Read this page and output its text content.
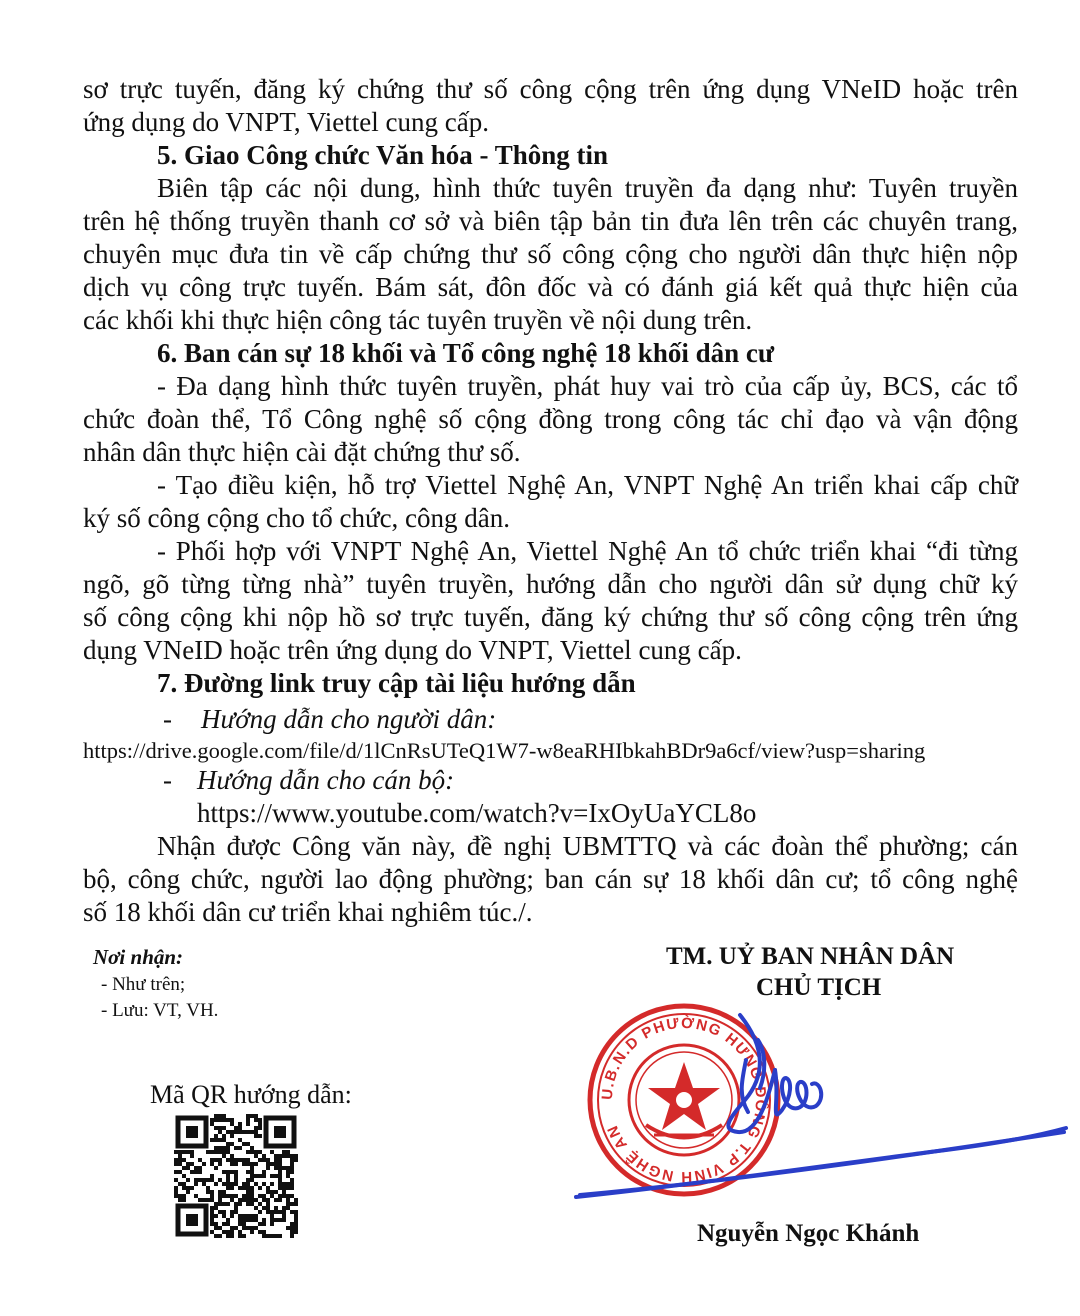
sơ trực tuyến, đăng ký chứng thư số công cộng trên ứng dụng VNeID hoặc trên

ứng dụng do VNPT, Viettel cung cấp.

5. Giao Công chức Văn hóa - Thông tin

Biên tập các nội dung, hình thức tuyên truyền đa dạng như: Tuyên truyền

trên hệ thống truyền thanh cơ sở và biên tập bản tin đưa lên trên các chuyên trang,

chuyên mục đưa tin về cấp chứng thư số công cộng cho người dân thực hiện nộp

dịch vụ công trực tuyến. Bám sát, đôn đốc và có đánh giá kết quả thực hiện của

các khối khi thực hiện công tác tuyên truyền về nội dung trên.

6. Ban cán sự 18 khối và Tổ công nghệ 18 khối dân cư

- Đa dạng hình thức tuyên truyền, phát huy vai trò của cấp ủy, BCS, các tổ

chức đoàn thể, Tổ Công nghệ số cộng đồng trong công tác chỉ đạo và vận động

nhân dân thực hiện cài đặt chứng thư số.

- Tạo điều kiện, hỗ trợ Viettel Nghệ An, VNPT Nghệ An triển khai cấp chữ

ký số công cộng cho tổ chức, công dân.

- Phối hợp với VNPT Nghệ An, Viettel Nghệ An tổ chức triển khai “đi từng

ngõ, gõ từng từng nhà” tuyên truyền, hướng dẫn cho người dân sử dụng chữ ký

số công cộng khi nộp hồ sơ trực tuyến, đăng ký chứng thư số công cộng trên ứng

dụng VNeID hoặc trên ứng dụng do VNPT, Viettel cung cấp.

7. Đường link truy cập tài liệu hướng dẫn

- Hướng dẫn cho người dân:

https://drive.google.com/file/d/1lCnRsUTeQ1W7-w8eaRHIbkahBDr9a6cf/view?usp=sharing

- Hướng dẫn cho cán bộ:

https://www.youtube.com/watch?v=IxOyUaYCL8o

Nhận được Công văn này, đề nghị UBMTTQ và các đoàn thể phường; cán

bộ, công chức, người lao động phường; ban cán sự 18 khối dân cư; tổ công nghệ

số 18 khối dân cư triển khai nghiêm túc./.

Nơi nhận:

- Như trên;

- Lưu: VT, VH.

Mã QR hướng dẫn:

TM. UỶ BAN NHÂN DÂN

CHỦ TỊCH

U.B.N.D PHƯỜNG HƯNG ĐÔNG T.P VINH NGHỆ AN

Nguyễn Ngọc Khánh
